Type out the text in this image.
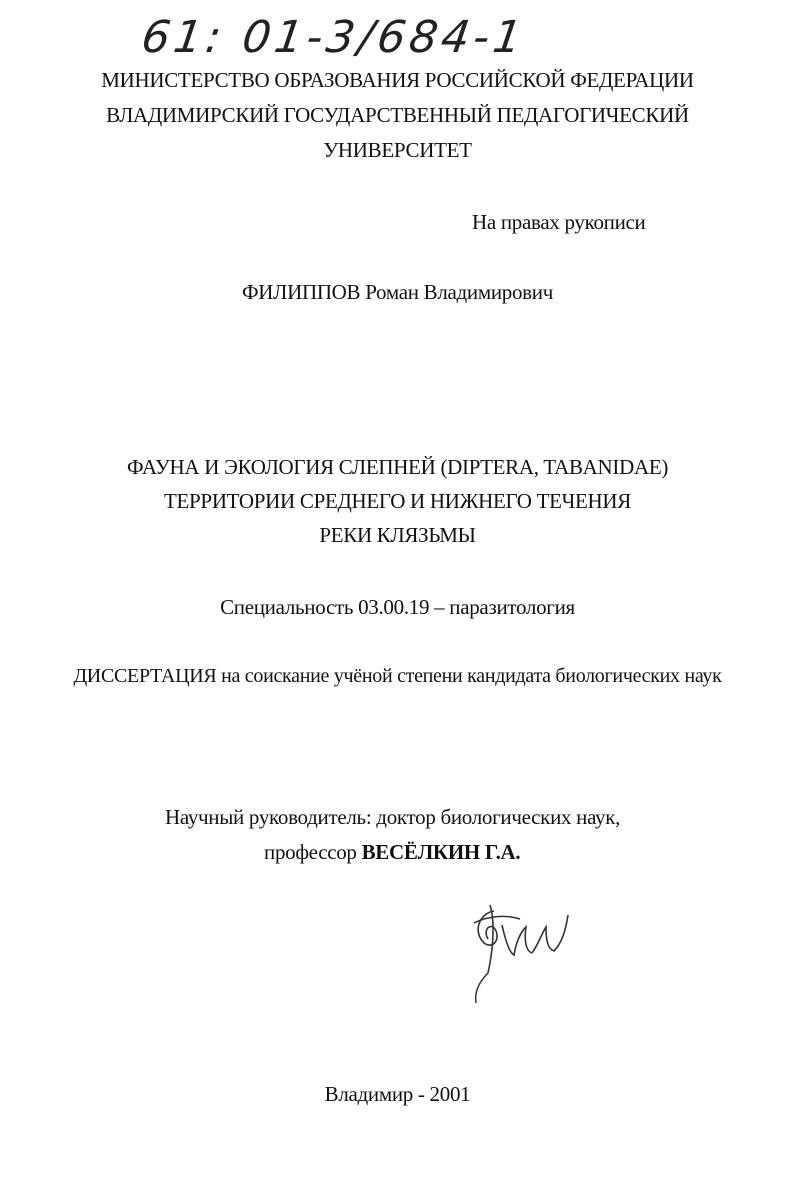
61: 01-3/684-1
МИНИСТЕРСТВО ОБРАЗОВАНИЯ РОССИЙСКОЙ ФЕДЕРАЦИИ
ВЛАДИМИРСКИЙ ГОСУДАРСТВЕННЫЙ ПЕДАГОГИЧЕСКИЙ
УНИВЕРСИТЕТ
На правах рукописи
ФИЛИППОВ Роман Владимирович
ФАУНА И ЭКОЛОГИЯ СЛЕПНЕЙ (DIPTERA, TABANIDAE)
ТЕРРИТОРИИ СРЕДНЕГО И НИЖНЕГО ТЕЧЕНИЯ
РЕКИ КЛЯЗЬМЫ
Специальность 03.00.19 – паразитология
ДИССЕРТАЦИЯ на соискание учёной степени кандидата биологических наук
Научный руководитель: доктор биологических наук,
профессор ВЕСЁЛКИН Г.А.
Владимир - 2001
